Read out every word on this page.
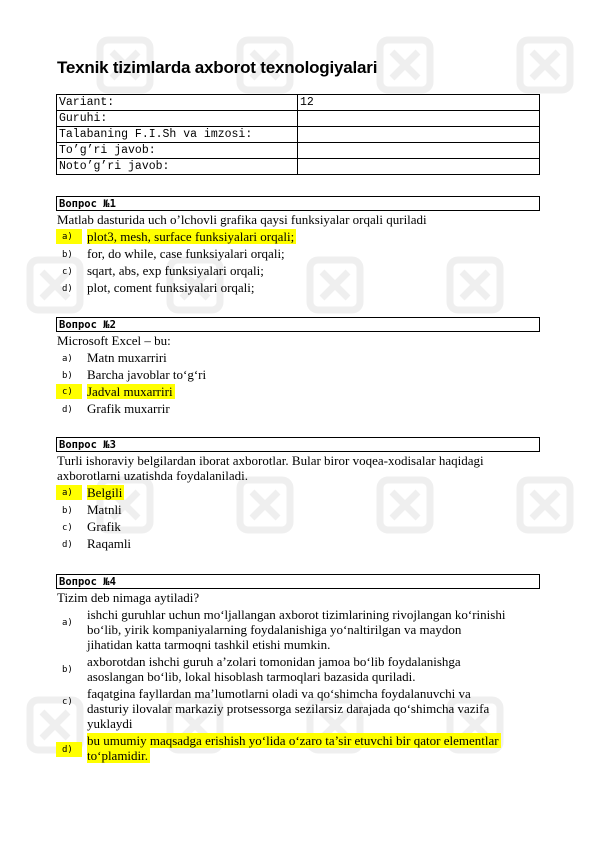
Texnik tizimlarda axborot texnologiyalari
Variant:	12
Guruhi:	
Talabaning F.I.Sh va imzosi:	
To’g’ri javob:	
Noto’g’ri javob:	
Вопрос №1
Matlab dasturida uch o’lchovli grafika qaysi funksiyalar orqali quriladi
a)	plot3, mesh, surface funksiyalari orqali;
b)	for, do while, case funksiyalari orqali;
c)	sqart, abs, exp funksiyalari orqali;
d)	plot, coment funksiyalari orqali;
Вопрос №2
Microsoft Excel – bu:
a)	Matn muxarriri
b)	Barcha javoblar to‘g‘ri
c)	Jadval muxarriri
d)	Grafik muxarrir
Вопрос №3
Turli ishoraviy belgilardan iborat axborotlar. Bular biror voqea-xodisalar haqidagi
axborotlarni uzatishda foydalaniladi.
a)	Belgili
b)	Matnli
c)	Grafik
d)	Raqamli
Вопрос №4
Tizim deb nimaga aytiladi?
a)
ishchi guruhlar uchun mo‘ljallangan axborot tizimlarining rivojlangan ko‘rinishi
bo‘lib, yirik kompaniyalarning foydalanishiga yo‘naltirilgan va maydon
jihatidan katta tarmoqni tashkil etishi mumkin.
b)
axborotdan ishchi guruh a’zolari tomonidan jamoa bo‘lib foydalanishga
asoslangan bo‘lib, lokal hisoblash tarmoqlari bazasida quriladi.
c)
faqatgina fayllardan ma’lumotlarni oladi va qo‘shimcha foydalanuvchi va
dasturiy ilovalar markaziy protsessorga sezilarsiz darajada qo‘shimcha vazifa
yuklaydi
d)
bu umumiy maqsadga erishish yo‘lida o‘zaro ta’sir etuvchi bir qator elementlar
to‘plamidir.
